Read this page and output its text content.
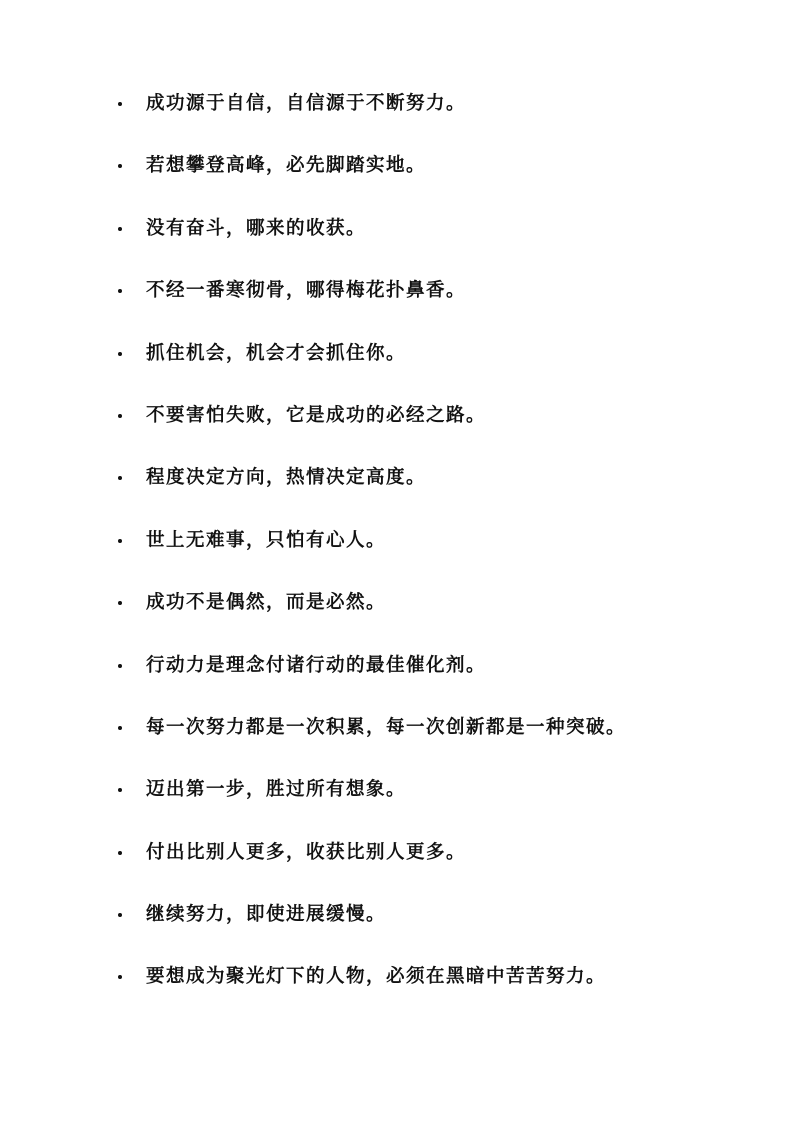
成功源于自信，自信源于不断努力。
若想攀登高峰，必先脚踏实地。
没有奋斗，哪来的收获。
不经一番寒彻骨，哪得梅花扑鼻香。
抓住机会，机会才会抓住你。
不要害怕失败，它是成功的必经之路。
程度决定方向，热情决定高度。
世上无难事，只怕有心人。
成功不是偶然，而是必然。
行动力是理念付诸行动的最佳催化剂。
每一次努力都是一次积累，每一次创新都是一种突破。
迈出第一步，胜过所有想象。
付出比别人更多，收获比别人更多。
继续努力，即使进展缓慢。
要想成为聚光灯下的人物，必须在黑暗中苦苦努力。
